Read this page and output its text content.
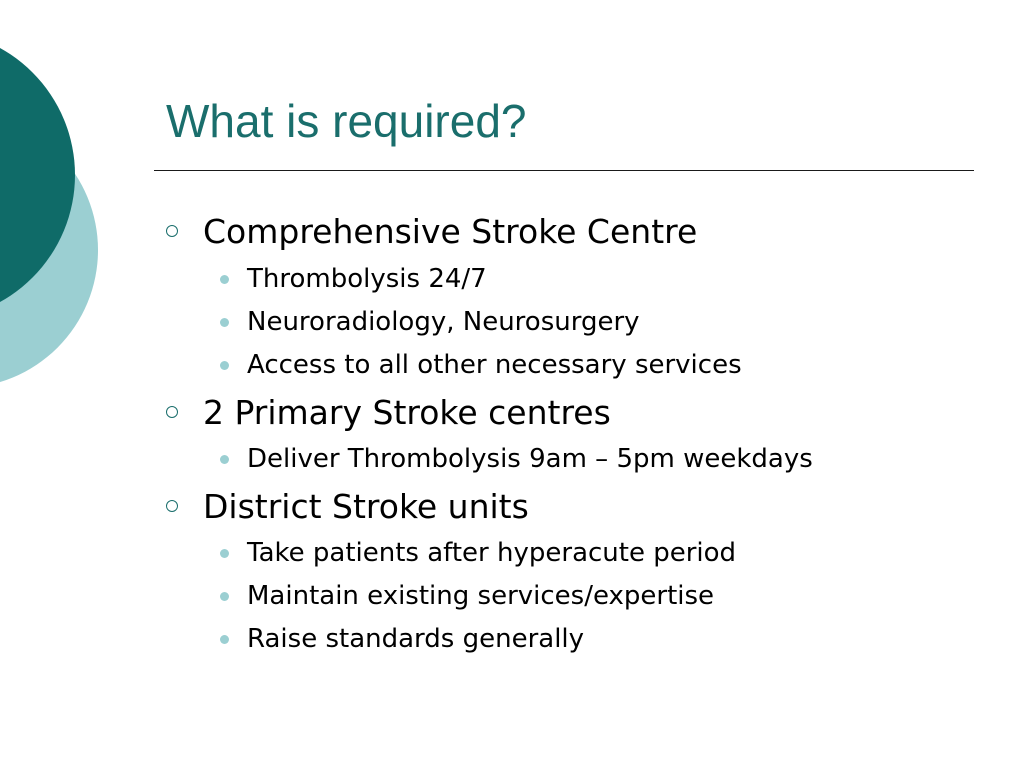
What is required?
Comprehensive Stroke Centre
Thrombolysis 24/7
Neuroradiology, Neurosurgery
Access to all other necessary services
2 Primary Stroke centres
Deliver Thrombolysis 9am – 5pm weekdays
District Stroke units
Take patients after hyperacute period
Maintain existing services/expertise
Raise standards generally
